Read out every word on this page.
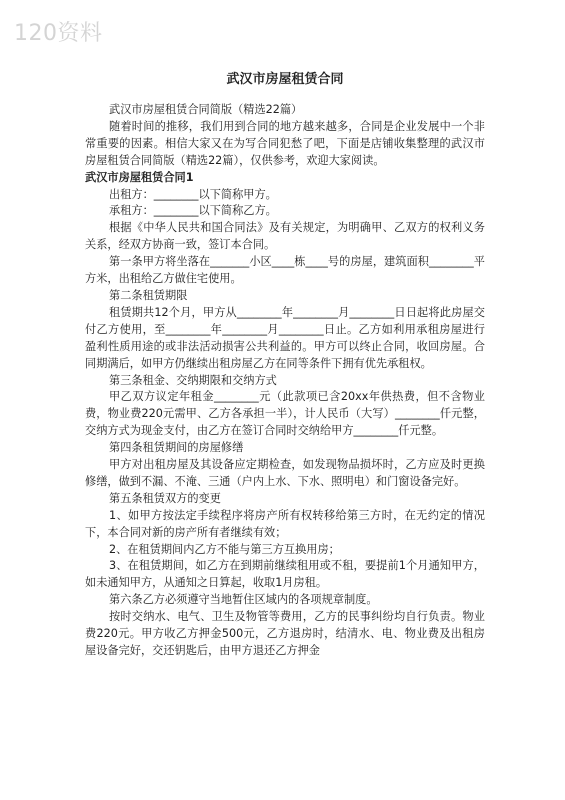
120资料
武汉市房屋租赁合同

武汉市房屋租赁合同简版（精选22篇）

随着时间的推移，我们用到合同的地方越来越多，合同是企业发展中一个非常重要的因素。相信大家又在为写合同犯愁了吧，下面是店铺收集整理的武汉市房屋租赁合同简版（精选22篇），仅供参考，欢迎大家阅读。

武汉市房屋租赁合同1

出租方：________以下简称甲方。

承租方：________以下简称乙方。

根据《中华人民共和国合同法》及有关规定，为明确甲、乙双方的权利义务关系，经双方协商一致，签订本合同。

第一条甲方将坐落在_______小区____栋____号的房屋，建筑面积________平方米，出租给乙方做住宅使用。

第二条租赁期限

租赁期共12个月，甲方从________年________月________日日起将此房屋交付乙方使用，至________年________月________日止。乙方如利用承租房屋进行盈利性质用途的或非法活动损害公共利益的。甲方可以终止合同，收回房屋。合同期满后，如甲方仍继续出租房屋乙方在同等条件下拥有优先承租权。

第三条租金、交纳期限和交纳方式

甲乙双方议定年租金________元（此款项已含20xx年供热费，但不含物业费，物业费220元需甲、乙方各承担一半），计人民币（大写）________仟元整，交纳方式为现金支付，由乙方在签订合同时交纳给甲方________仟元整。

第四条租赁期间的房屋修缮

甲方对出租房屋及其设备应定期检查，如发现物品损坏时，乙方应及时更换修缮，做到不漏、不淹、三通（户内上水、下水、照明电）和门窗设备完好。

第五条租赁双方的变更

1、如甲方按法定手续程序将房产所有权转移给第三方时，在无约定的情况下，本合同对新的房产所有者继续有效；

2、在租赁期间内乙方不能与第三方互换用房；

3、在租赁期间，如乙方在到期前继续租用或不租，要提前1个月通知甲方，如未通知甲方，从通知之日算起，收取1月房租。

第六条乙方必须遵守当地暂住区域内的各项规章制度。

按时交纳水、电气、卫生及物管等费用，乙方的民事纠纷均自行负责。物业费220元。甲方收乙方押金500元，乙方退房时，结清水、电、物业费及出租房屋设备完好，交还钥匙后，由甲方退还乙方押金
